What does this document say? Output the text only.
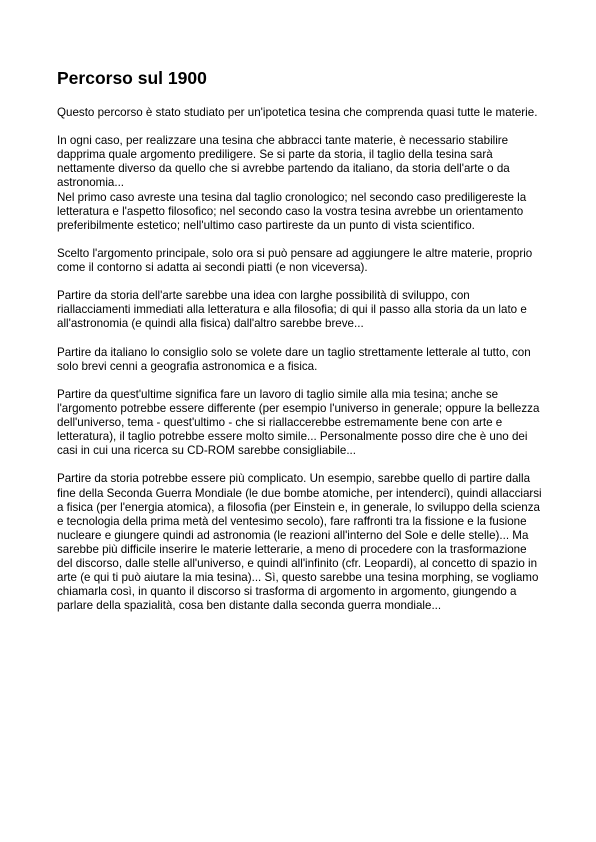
Percorso sul 1900

Questo percorso è stato studiato per un'ipotetica tesina che comprenda quasi tutte le materie.

In ogni caso, per realizzare una tesina che abbracci tante materie, è necessario stabilire dapprima quale argomento prediligere. Se si parte da storia, il taglio della tesina sarà nettamente diverso da quello che si avrebbe partendo da italiano, da storia dell'arte o da astronomia...

Nel primo caso avreste una tesina dal taglio cronologico; nel secondo caso prediligereste la letteratura e l'aspetto filosofico; nel secondo caso la vostra tesina avrebbe un orientamento preferibilmente estetico; nell'ultimo caso partireste da un punto di vista scientifico.

Scelto l'argomento principale, solo ora si può pensare ad aggiungere le altre materie, proprio come il contorno si adatta ai secondi piatti (e non viceversa).

Partire da storia dell'arte sarebbe una idea con larghe possibilità di sviluppo, con riallacciamenti immediati alla letteratura e alla filosofia; di qui il passo alla storia da un lato e all'astronomia (e quindi alla fisica) dall'altro sarebbe breve...

Partire da italiano lo consiglio solo se volete dare un taglio strettamente letterale al tutto, con solo brevi cenni a geografia astronomica e a fisica.

Partire da quest'ultime significa fare un lavoro di taglio simile alla mia tesina; anche se l'argomento potrebbe essere differente (per esempio l'universo in generale; oppure la bellezza dell'universo, tema - quest'ultimo - che si riallaccerebbe estremamente bene con arte e letteratura), il taglio potrebbe essere molto simile... Personalmente posso dire che è uno dei casi in cui una ricerca su CD-ROM sarebbe consigliabile...

Partire da storia potrebbe essere più complicato. Un esempio, sarebbe quello di partire dalla fine della Seconda Guerra Mondiale (le due bombe atomiche, per intenderci), quindi allacciarsi a fisica (per l'energia atomica), a filosofia (per Einstein e, in generale, lo sviluppo della scienza e tecnologia della prima metà del ventesimo secolo), fare raffronti tra la fissione e la fusione nucleare e giungere quindi ad astronomia (le reazioni all'interno del Sole e delle stelle)... Ma sarebbe più difficile inserire le materie letterarie, a meno di procedere con la trasformazione del discorso, dalle stelle all'universo, e quindi all'infinito (cfr. Leopardi), al concetto di spazio in arte (e qui ti può aiutare la mia tesina)... Sì, questo sarebbe una tesina morphing, se vogliamo chiamarla così, in quanto il discorso si trasforma di argomento in argomento, giungendo a parlare della spazialità, cosa ben distante dalla seconda guerra mondiale...
